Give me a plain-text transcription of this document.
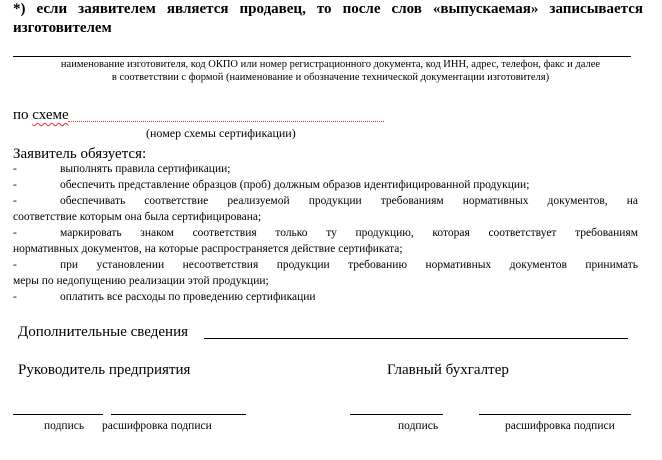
*) если заявителем является продавец, то после слов «выпускаемая» записывается изготовителем
наименование изготовителя, код ОКПО или номер регистрационного документа, код ИНН, адрес, телефон, факс и далее
в соответствии с формой (наименование и обозначение технической документации изготовителя)
по схеме
(номер схемы сертификации)
Заявитель обязуется:
-	выполнять правила сертификации;
-	обеспечить представление образцов (проб) должным образов идентифицированной продукции;
-	обеспечивать соответствие реализуемой продукции требованиям нормативных документов, на
соответствие которым она была сертифицирована;
-	маркировать знаком соответствия только ту продукцию, которая соответствует требованиям
нормативных документов, на которые распространяется действие сертификата;
-	при установлении несоответствия продукции требованию нормативных документов принимать
меры по недопущению реализации этой продукции;
-	оплатить все расходы по проведению сертификации
Дополнительные сведения
Руководитель предприятия	Главный бухгалтер
подпись расшифровка подписи	подпись	расшифровка подписи
